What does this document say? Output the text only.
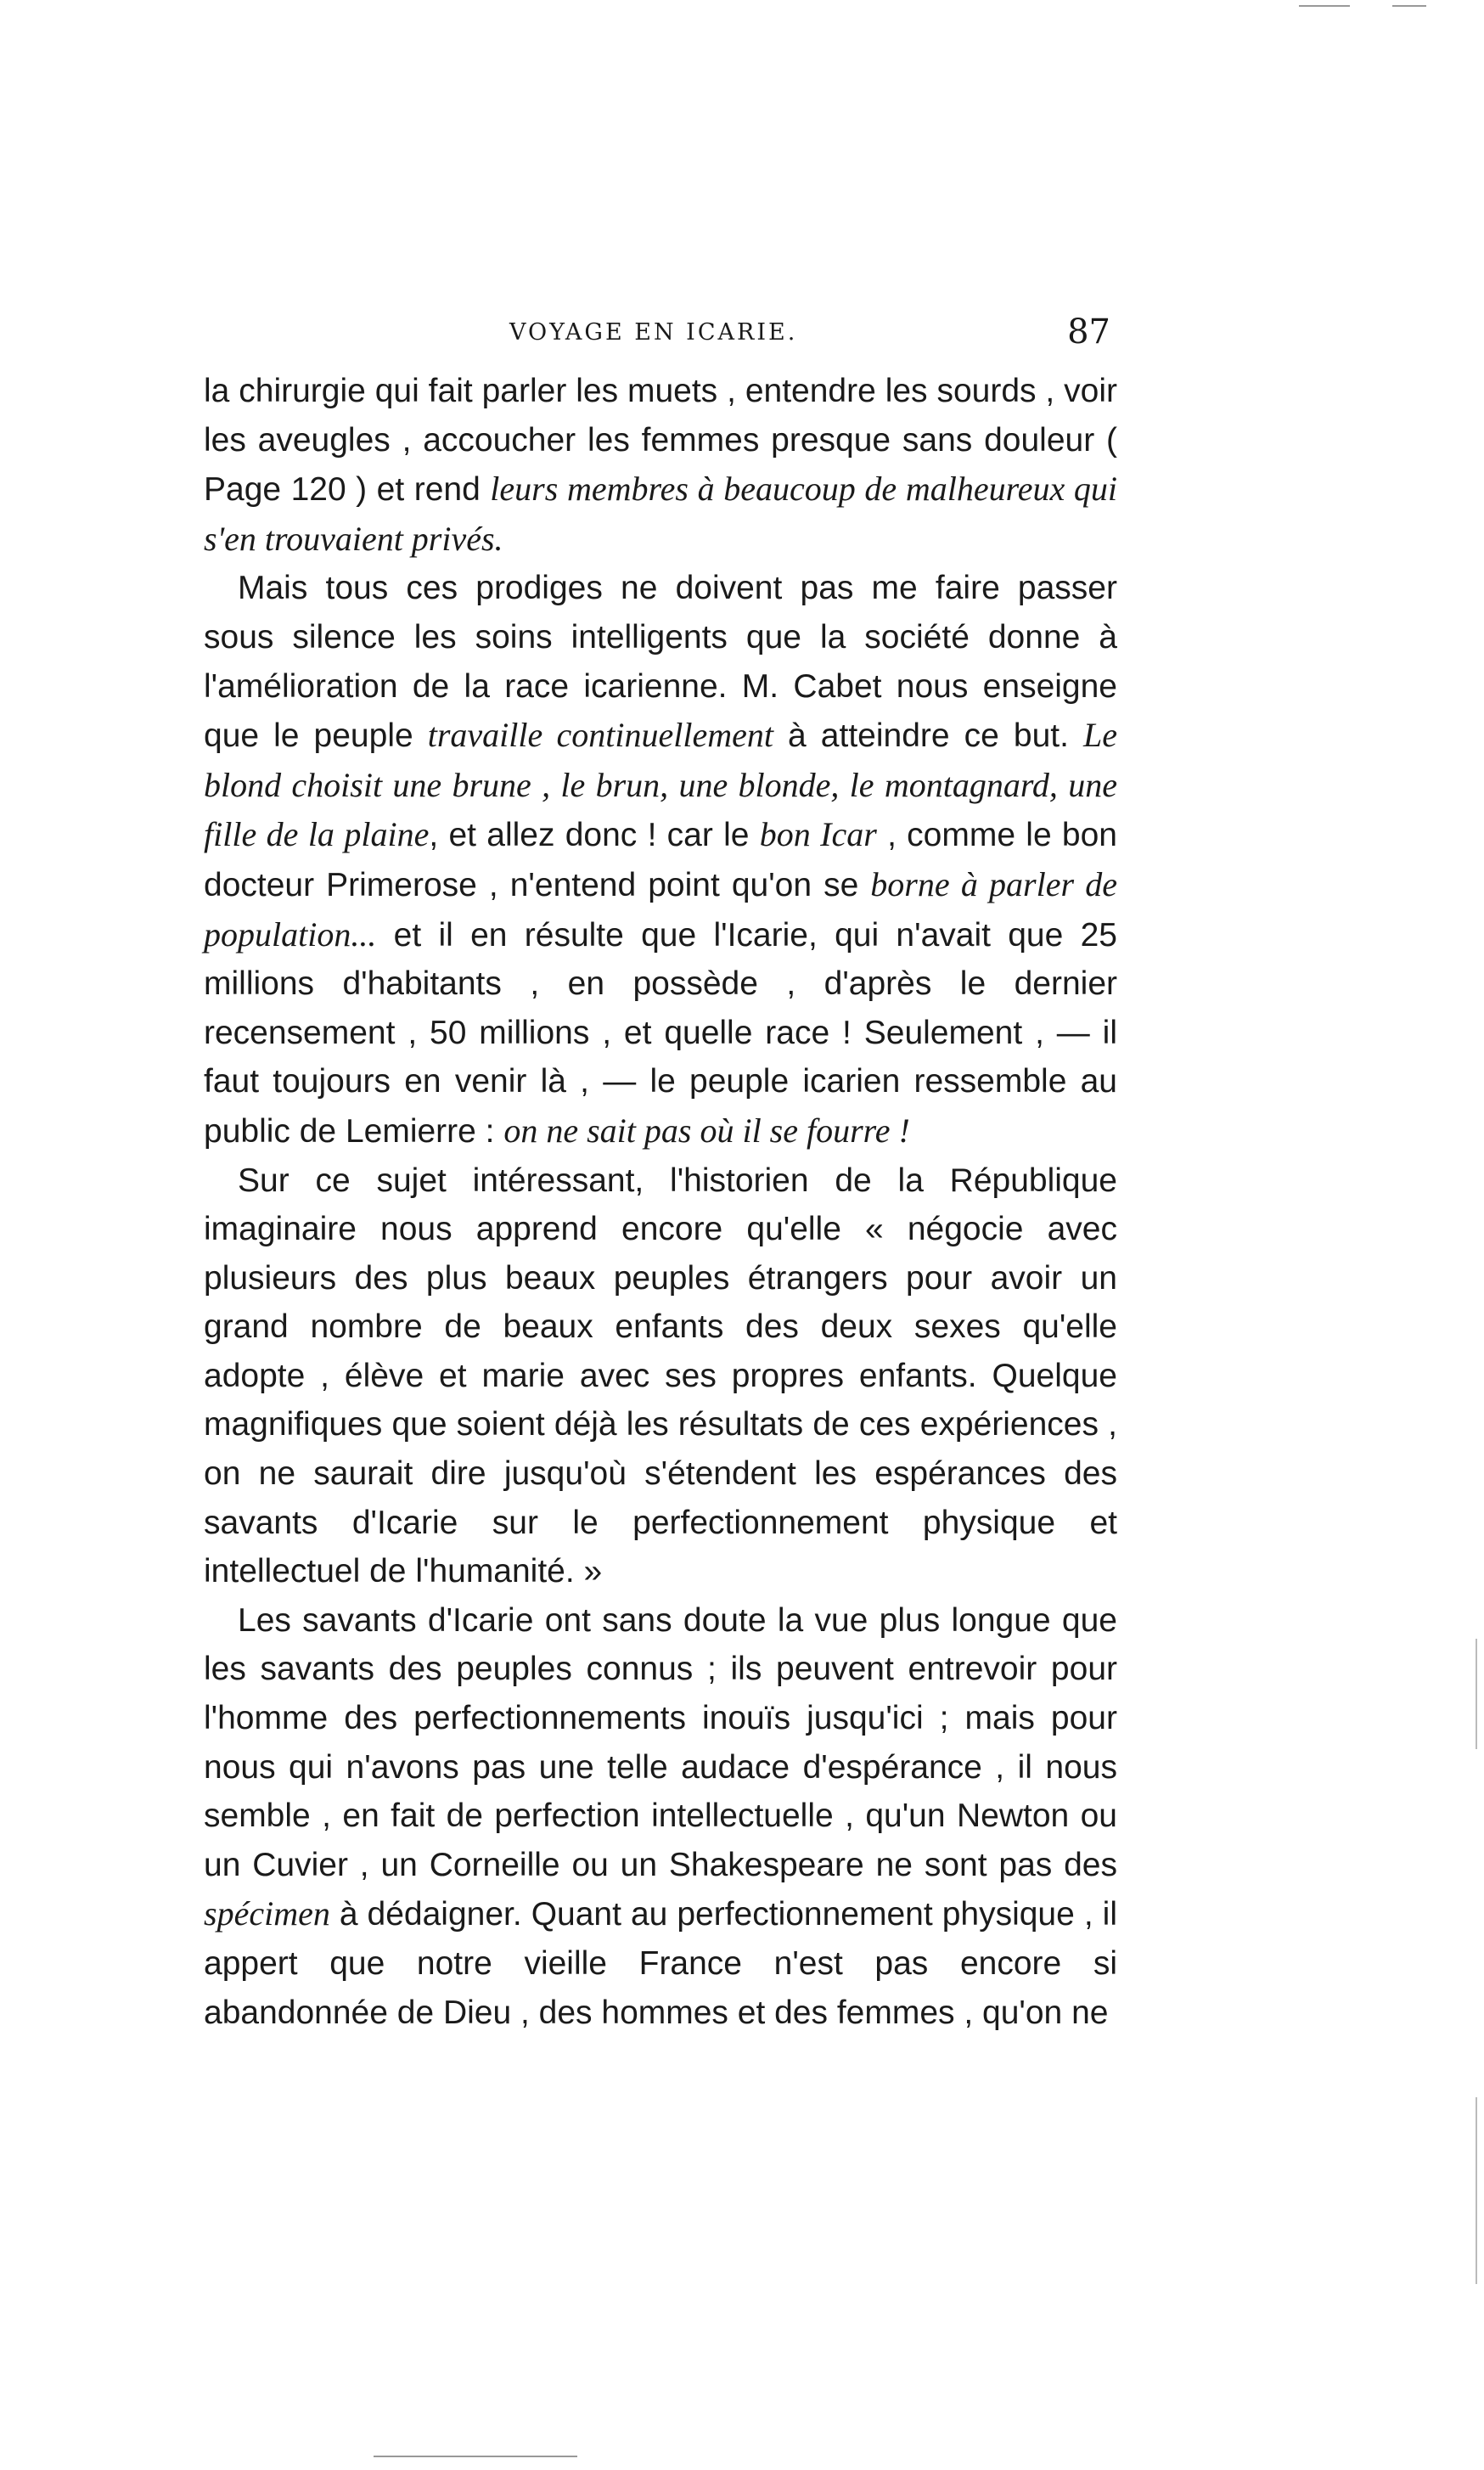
VOYAGE EN ICARIE.	87

la chirurgie qui fait parler les muets , entendre les sourds , voir les aveugles , accoucher les femmes presque sans douleur ( Page 120 ) et rend leurs membres à beaucoup de malheureux qui s'en trouvaient privés.

Mais tous ces prodiges ne doivent pas me faire passer sous silence les soins intelligents que la société donne à l'amélioration de la race icarienne. M. Cabet nous enseigne que le peuple travaille continuellement à atteindre ce but. Le blond choisit une brune , le brun, une blonde, le montagnard, une fille de la plaine, et allez donc ! car le bon Icar , comme le bon docteur Primerose , n'entend point qu'on se borne à parler de population... et il en résulte que l'Icarie, qui n'avait que 25 millions d'habitants , en possède , d'après le dernier recensement , 50 millions , et quelle race ! Seulement , — il faut toujours en venir là , — le peuple icarien ressemble au public de Lemierre : on ne sait pas où il se fourre !

Sur ce sujet intéressant, l'historien de la République imaginaire nous apprend encore qu'elle « négocie avec plusieurs des plus beaux peuples étrangers pour avoir un grand nombre de beaux enfants des deux sexes qu'elle adopte , élève et marie avec ses propres enfants. Quelque magnifiques que soient déjà les résultats de ces expériences , on ne saurait dire jusqu'où s'étendent les espérances des savants d'Icarie sur le perfectionnement physique et intellectuel de l'humanité. »

Les savants d'Icarie ont sans doute la vue plus longue que les savants des peuples connus ; ils peuvent entrevoir pour l'homme des perfectionnements inouïs jusqu'ici ; mais pour nous qui n'avons pas une telle audace d'espérance , il nous semble , en fait de perfection intellectuelle , qu'un Newton ou un Cuvier , un Corneille ou un Shakespeare ne sont pas des spécimen à dédaigner. Quant au perfectionnement physique , il appert que notre vieille France n'est pas encore si abandonnée de Dieu , des hommes et des femmes , qu'on ne
